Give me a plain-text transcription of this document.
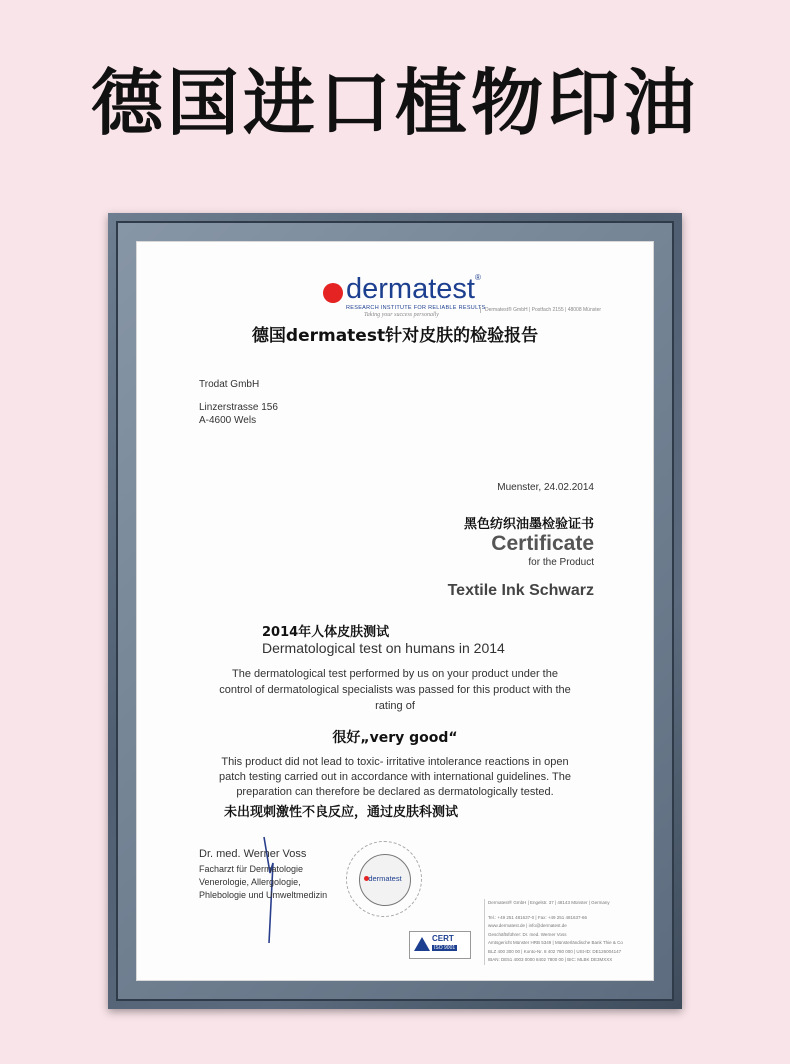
德国进口植物印油
dermatest®
RESEARCH INSTITUTE FOR RELIABLE RESULTS
Taking your success personally
Dermatest® GmbH | Postfach 2155 | 48008 Münster
德国dermatest针对皮肤的检验报告
Trodat GmbH
Linzerstrasse 156
A-4600 Wels
Muenster, 24.02.2014
黑色纺织油墨检验证书
Certificate
for the Product
Textile Ink Schwarz
2014年人体皮肤测试
Dermatological test on humans in 2014
The dermatological test performed by us on your product under the
control of dermatological specialists was passed for this product with the
rating of
很好„very good“
This product did not lead to toxic- irritative intolerance reactions in open
patch testing carried out in accordance with international guidelines. The
preparation can therefore be declared as dermatologically tested.
未出现刺激性不良反应，通过皮肤科测试
Dr. med. Werner Voss
Facharzt für Dermatologie
Venerologie, Allergologie,
Phlebologie und Umweltmedizin
dermatest
CERT
ISO 9001
Dermatest® GmbH | Engelstr. 37 | 48143 Münster | Germany
Tel.: +49 251 481637-0 | Fax: +49 251 481637-66
www.dermatest.de | info@dermatest.de
Geschäftsführer: Dr. med. Werner Voss
Amtsgericht Münster HRB 5349 | Münsterländische Bank Thie & Co
BLZ 400 300 00 | Konto-Nr. 8 402 780 000 | USt-ID: DE126004147
IBAN: DE51 4003 0000 8402 7800 00 | BIC: MLBK DE3MXXX
